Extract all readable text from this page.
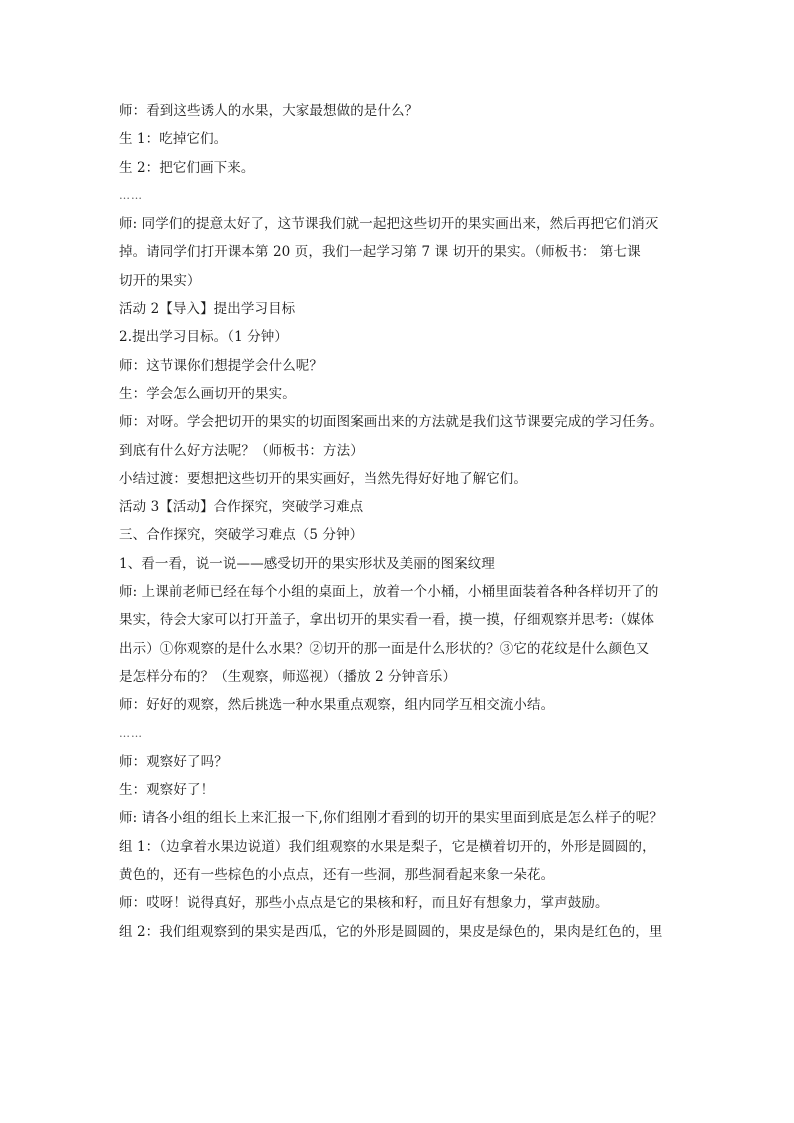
师：看到这些诱人的水果，大家最想做的是什么？
生 1：吃掉它们。
生 2：把它们画下来。
……
师: 同学们的提意太好了，这节课我们就一起把这些切开的果实画出来，然后再把它们消灭
掉。请同学们打开课本第 20 页，我们一起学习第 7 课 切开的果实。（师板书： 第七课
切开的果实）
活动 2【导入】提出学习目标
2.提出学习目标。（1 分钟）
师：这节课你们想提学会什么呢？
生：学会怎么画切开的果实。
师：对呀。学会把切开的果实的切面图案画出来的方法就是我们这节课要完成的学习任务。
到底有什么好方法呢？（师板书：方法）
小结过渡：要想把这些切开的果实画好，当然先得好好地了解它们。
活动 3【活动】合作探究，突破学习难点
三、合作探究，突破学习难点（5 分钟）
1、看一看，说一说——感受切开的果实形状及美丽的图案纹理
师: 上课前老师已经在每个小组的桌面上，放着一个小桶，小桶里面装着各种各样切开了的
果实，待会大家可以打开盖子，拿出切开的果实看一看，摸一摸，仔细观察并思考:（媒体
出示）①你观察的是什么水果？②切开的那一面是什么形状的？③它的花纹是什么颜色又
是怎样分布的？（生观察，师巡视）（播放 2 分钟音乐）
师：好好的观察，然后挑选一种水果重点观察，组内同学互相交流小结。
……
师：观察好了吗？
生：观察好了！
师: 请各小组的组长上来汇报一下,你们组刚才看到的切开的果实里面到底是怎么样子的呢？
组 1：（边拿着水果边说道）我们组观察的水果是梨子，它是横着切开的，外形是圆圆的，
黄色的，还有一些棕色的小点点，还有一些洞，那些洞看起来象一朵花。
师：哎呀！说得真好，那些小点点是它的果核和籽，而且好有想象力，掌声鼓励。
组 2：我们组观察到的果实是西瓜，它的外形是圆圆的，果皮是绿色的，果肉是红色的，里
